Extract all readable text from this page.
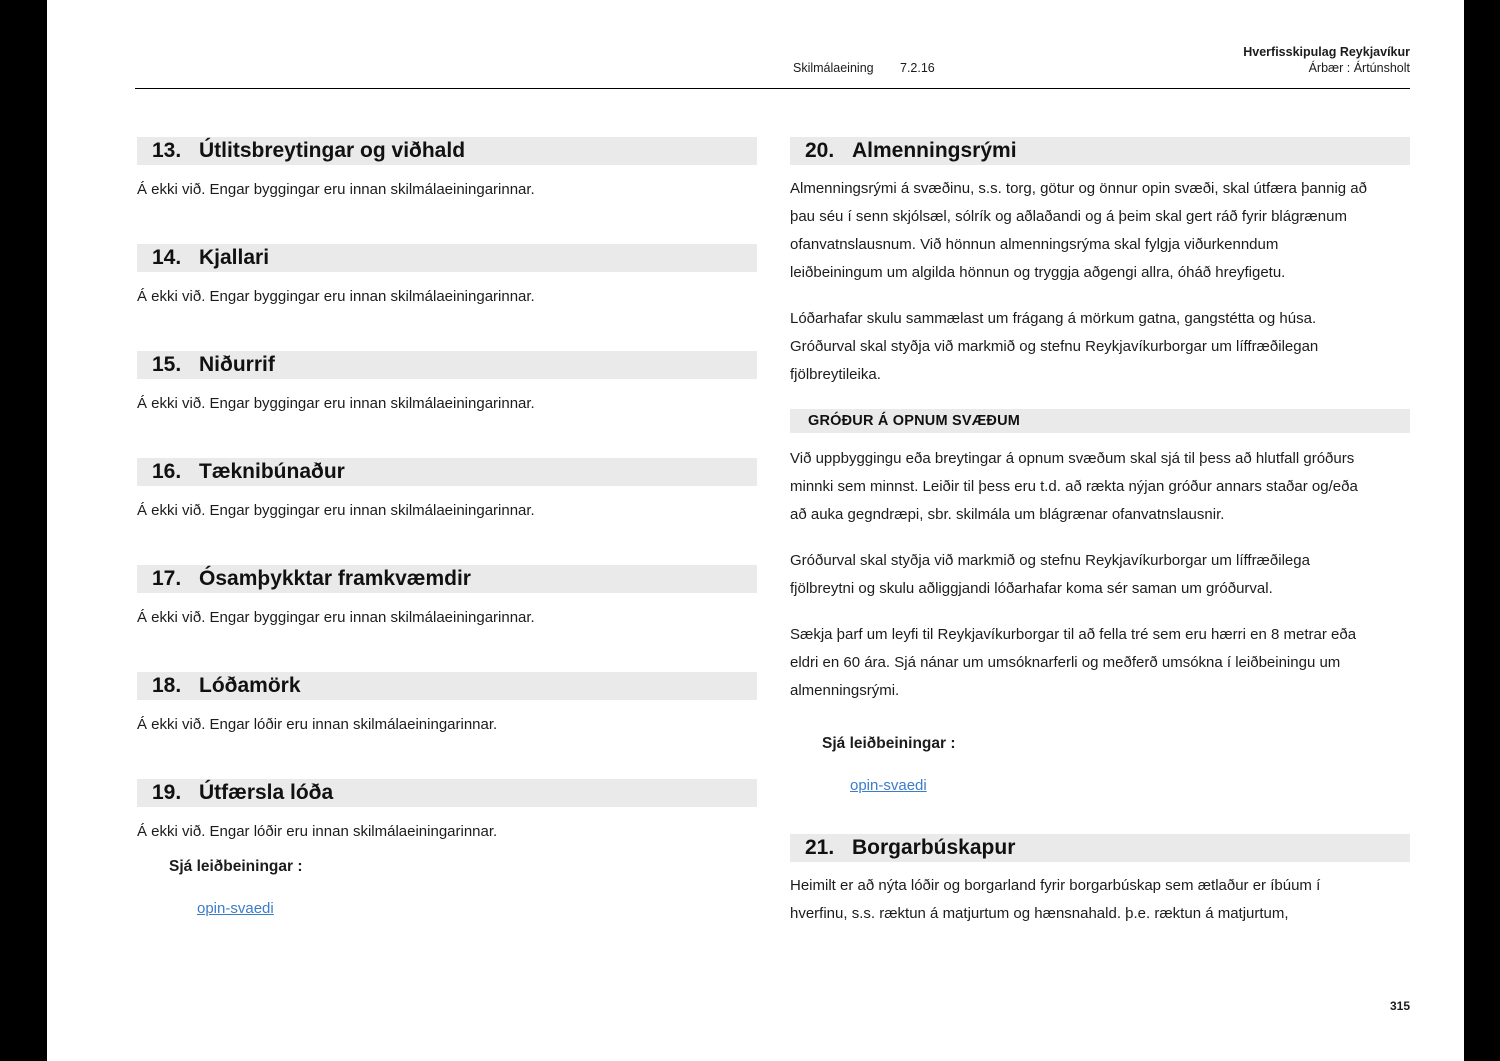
Skilmálaeining 7.2.16
Hverfisskipulag Reykjavíkur
Árbær : Ártúnsholt
13. Útlitsbreytingar og viðhald

Á ekki við. Engar byggingar eru innan skilmálaeiningarinnar.

14. Kjallari

Á ekki við. Engar byggingar eru innan skilmálaeiningarinnar.

15. Niðurrif

Á ekki við. Engar byggingar eru innan skilmálaeiningarinnar.

16. Tæknibúnaður

Á ekki við. Engar byggingar eru innan skilmálaeiningarinnar.

17. Ósamþykktar framkvæmdir

Á ekki við. Engar byggingar eru innan skilmálaeiningarinnar.

18. Lóðamörk

Á ekki við. Engar lóðir eru innan skilmálaeiningarinnar.

19. Útfærsla lóða

Á ekki við. Engar lóðir eru innan skilmálaeiningarinnar.

Sjá leiðbeiningar :

opin-svaedi

20. Almenningsrými

Almenningsrými á svæðinu, s.s. torg, götur og önnur opin svæði, skal útfæra þannig að þau séu í senn skjólsæl, sólrík og aðlaðandi og á þeim skal gert ráð fyrir blágrænum ofanvatnslausnum. Við hönnun almenningsrýma skal fylgja viðurkenndum leiðbeiningum um algilda hönnun og tryggja aðgengi allra, óháð hreyfigetu.

Lóðarhafar skulu sammælast um frágang á mörkum gatna, gangstétta og húsa. Gróðurval skal styðja við markmið og stefnu Reykjavíkurborgar um líffræðilegan fjölbreytileika.

GRÓÐUR Á OPNUM SVÆÐUM

Við uppbyggingu eða breytingar á opnum svæðum skal sjá til þess að hlutfall gróðurs minnki sem minnst. Leiðir til þess eru t.d. að rækta nýjan gróður annars staðar og/eða að auka gegndræpi, sbr. skilmála um blágrænar ofanvatnslausnir.

Gróðurval skal styðja við markmið og stefnu Reykjavíkurborgar um líffræðilega fjölbreytni og skulu aðliggjandi lóðarhafar koma sér saman um gróðurval.

Sækja þarf um leyfi til Reykjavíkurborgar til að fella tré sem eru hærri en 8 metrar eða eldri en 60 ára. Sjá nánar um umsóknarferli og meðferð umsókna í leiðbeiningu um almenningsrými.

Sjá leiðbeiningar :

opin-svaedi

21. Borgarbúskapur

Heimilt er að nýta lóðir og borgarland fyrir borgarbúskap sem ætlaður er íbúum í hverfinu, s.s. ræktun á matjurtum og hænsnahald. þ.e. ræktun á matjurtum,

315
